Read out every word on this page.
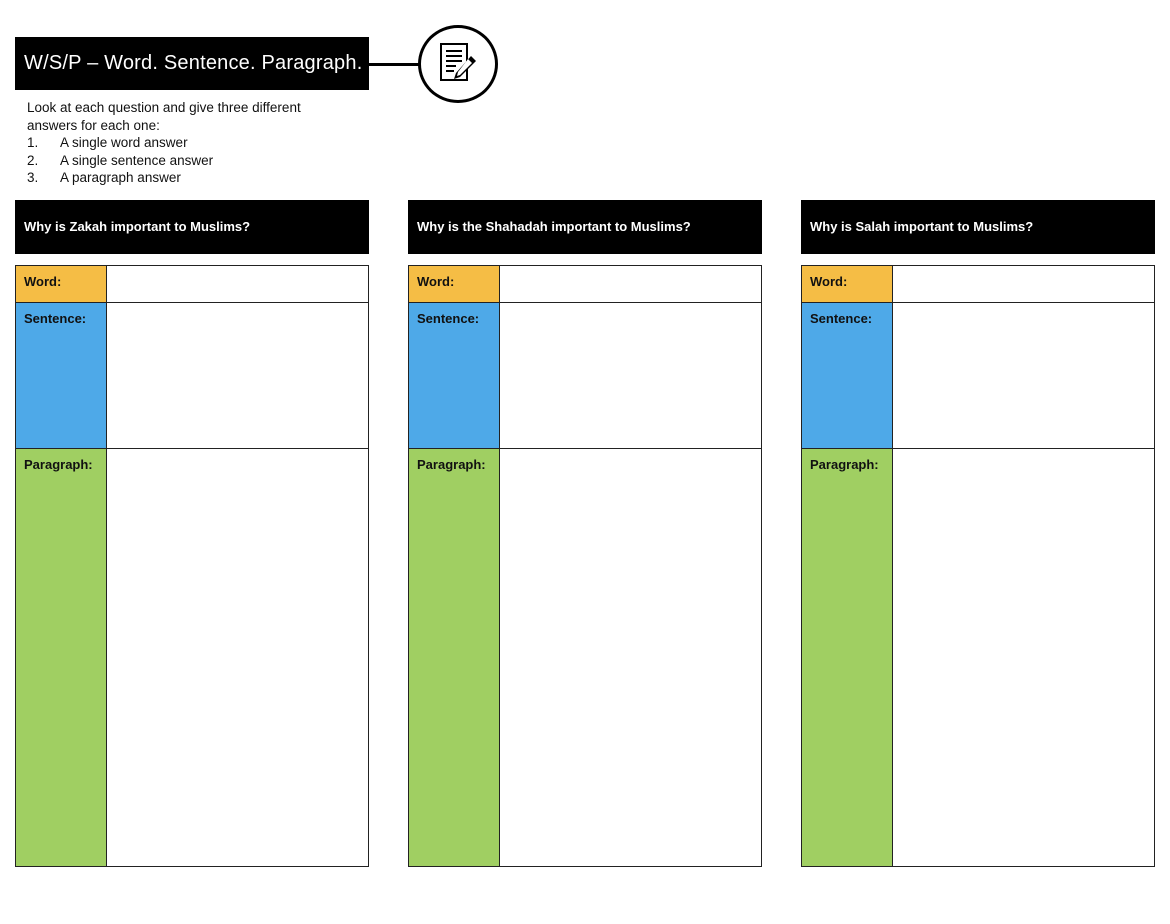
W/S/P – Word. Sentence. Paragraph.

Look at each question and give three different answers for each one:

1.	A single word answer
2.	A single sentence answer
3.	A paragraph answer
Why is Zakah important to Muslims?
Word:
Sentence:
Paragraph:
Why is the Shahadah important to Muslims?
Word:
Sentence:
Paragraph:
Why is Salah important to Muslims?
Word:
Sentence:
Paragraph:
